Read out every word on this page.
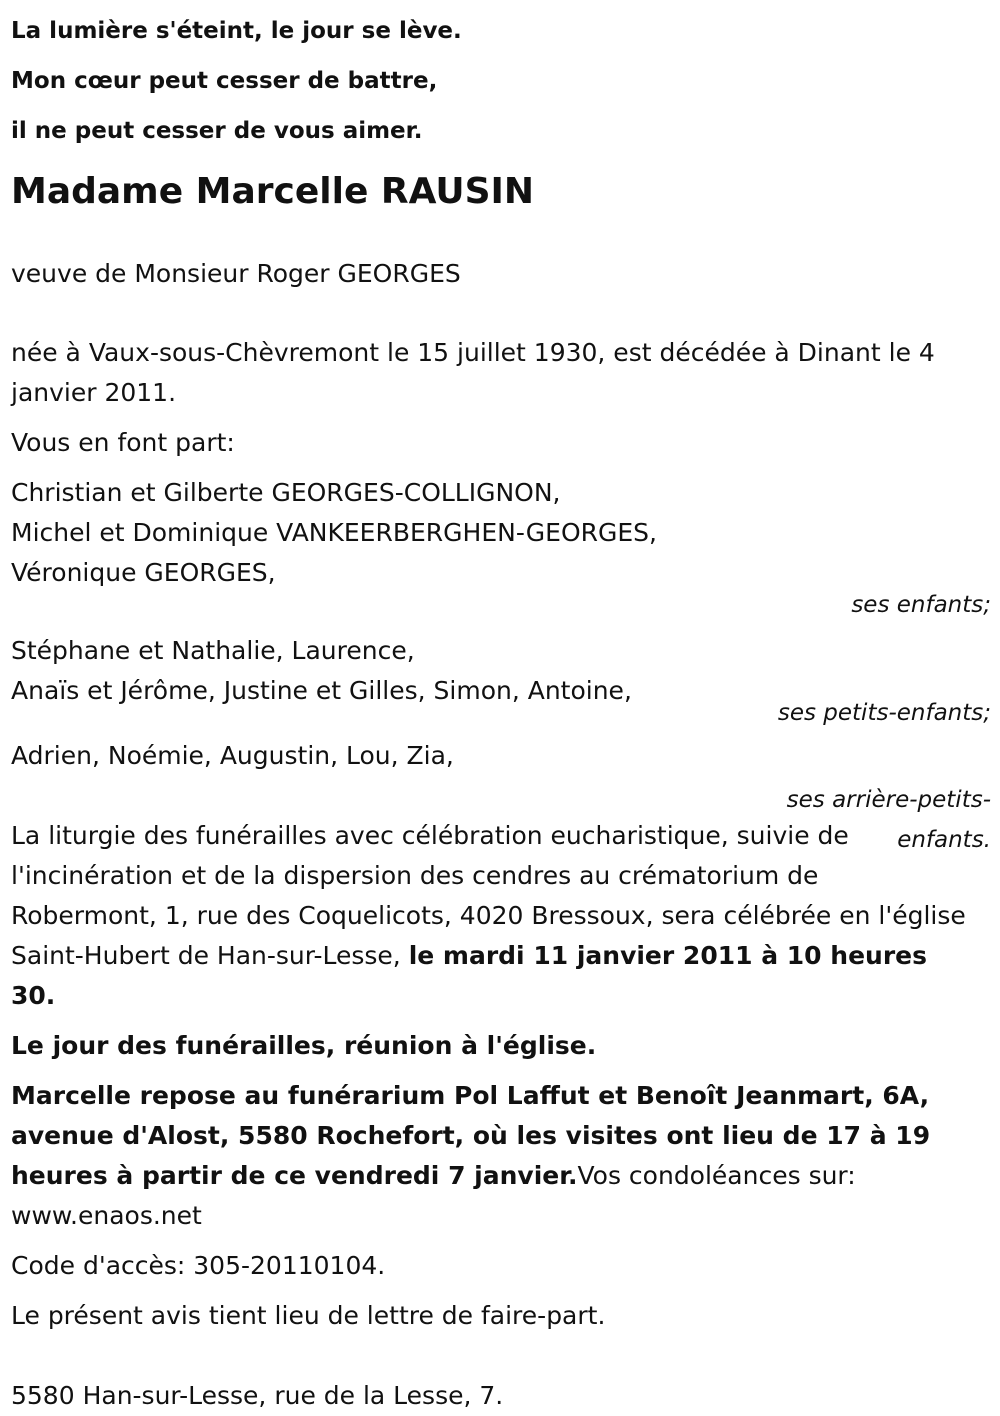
La lumière s'éteint, le jour se lève.
Mon cœur peut cesser de battre,
il ne peut cesser de vous aimer.
Madame Marcelle RAUSIN
veuve de Monsieur Roger GEORGES
née à Vaux-sous-Chèvremont le 15 juillet 1930, est décédée à Dinant le 4 janvier 2011.
Vous en font part:
Christian et Gilberte GEORGES-COLLIGNON,
Michel et Dominique VANKEERBERGHEN-GEORGES,
Véronique GEORGES,
ses enfants;
Stéphane et Nathalie, Laurence,
Anaïs et Jérôme, Justine et Gilles, Simon, Antoine,
ses petits-enfants;
Adrien, Noémie, Augustin, Lou, Zia,
ses arrière-petits-
enfants.
La liturgie des funérailles avec célébration eucharistique, suivie de l'incinération et de la dispersion des cendres au crématorium de Robermont, 1, rue des Coquelicots, 4020 Bressoux, sera célébrée en l'église Saint-Hubert de Han-sur-Lesse, le mardi 11 janvier 2011 à 10 heures 30.
Le jour des funérailles, réunion à l'église.
Marcelle repose au funérarium Pol Laffut et Benoît Jeanmart, 6A, avenue d'Alost, 5580 Rochefort, où les visites ont lieu de 17 à 19 heures à partir de ce vendredi 7 janvier.Vos condoléances sur: www.enaos.net
Code d'accès: 305-20110104.
Le présent avis tient lieu de lettre de faire-part.
5580 Han-sur-Lesse, rue de la Lesse, 7.
